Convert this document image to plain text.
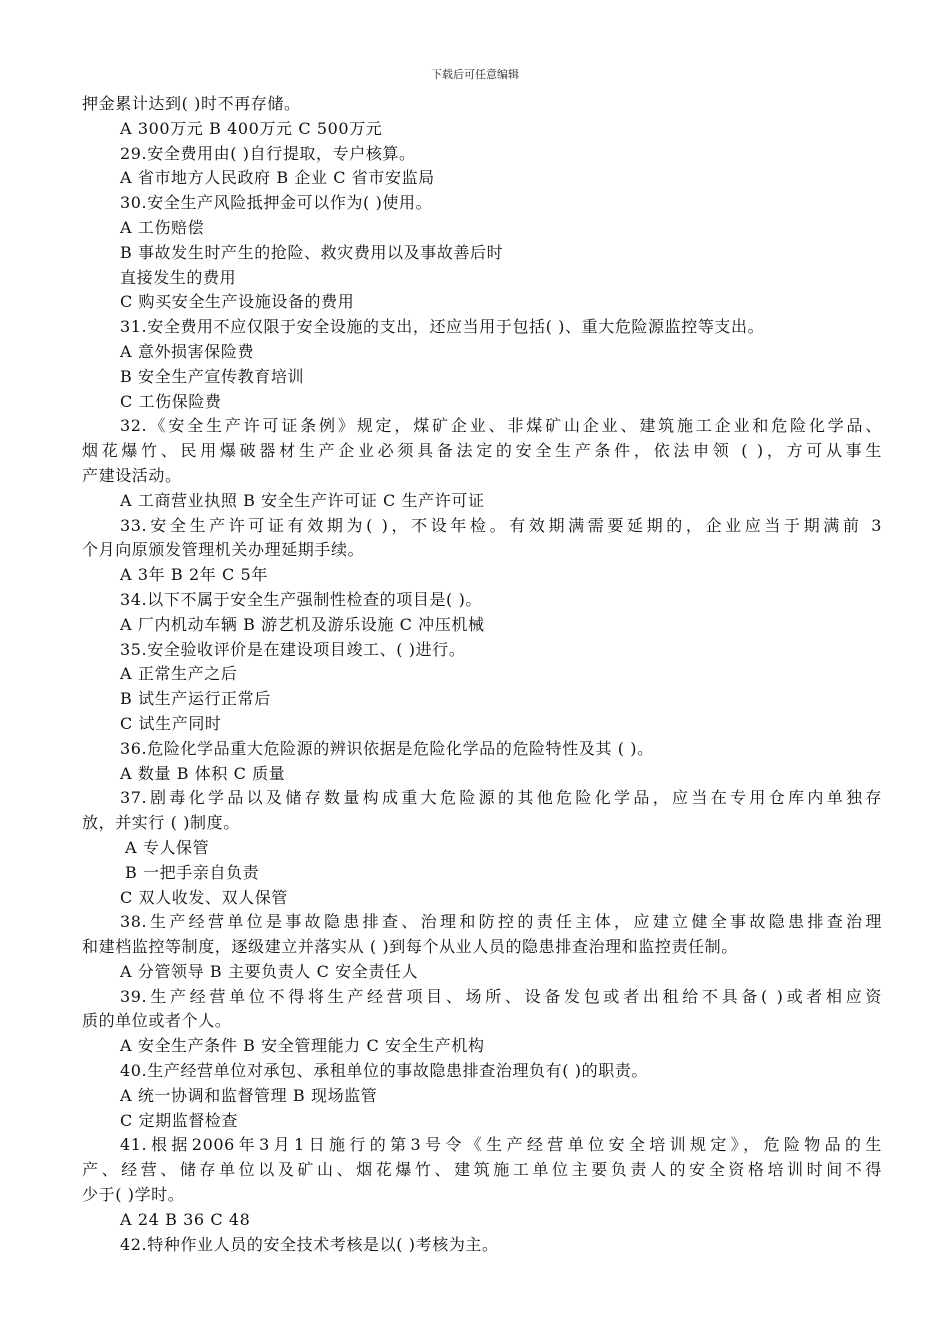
下载后可任意编辑
押金累计达到( )时不再存储。
A 300万元 B 400万元 C 500万元
29.安全费用由( )自行提取，专户核算。
A 省市地方人民政府 B 企业 C 省市安监局
30.安全生产风险抵押金可以作为( )使用。
A 工伤赔偿
B 事故发生时产生的抢险、救灾费用以及事故善后时
直接发生的费用
C 购买安全生产设施设备的费用
31.安全费用不应仅限于安全设施的支出，还应当用于包括( )、重大危险源监控等支出。
A 意外损害保险费
B 安全生产宣传教育培训
C 工伤保险费
32.《安全生产许可证条例》规定，煤矿企业、非煤矿山企业、建筑施工企业和危险化学品、
烟花爆竹、民用爆破器材生产企业必须具备法定的安全生产条件，依法申领 ( )，方可从事生
产建设活动。
A 工商营业执照 B 安全生产许可证 C 生产许可证
33.安全生产许可证有效期为( )，不设年检。有效期满需要延期的，企业应当于期满前 3
个月向原颁发管理机关办理延期手续。
A 3年 B 2年 C 5年
34.以下不属于安全生产强制性检查的项目是( )。
A 厂内机动车辆 B 游艺机及游乐设施 C 冲压机械
35.安全验收评价是在建设项目竣工、( )进行。
A 正常生产之后
B 试生产运行正常后
C 试生产同时
36.危险化学品重大危险源的辨识依据是危险化学品的危险特性及其 ( )。
A 数量 B 体积 C 质量
37.剧毒化学品以及储存数量构成重大危险源的其他危险化学品，应当在专用仓库内单独存
放，并实行 ( )制度。
A 专人保管
B 一把手亲自负责
C 双人收发、双人保管
38.生产经营单位是事故隐患排查、治理和防控的责任主体，应建立健全事故隐患排查治理
和建档监控等制度，逐级建立并落实从 ( )到每个从业人员的隐患排查治理和监控责任制。
A 分管领导 B 主要负责人 C 安全责任人
39.生产经营单位不得将生产经营项目、场所、设备发包或者出租给不具备( )或者相应资
质的单位或者个人。
A 安全生产条件 B 安全管理能力 C 安全生产机构
40.生产经营单位对承包、承租单位的事故隐患排查治理负有( )的职责。
A 统一协调和监督管理 B 现场监管
C 定期监督检查
41.根据2006年3月1日施行的第3号令《生产经营单位安全培训规定》，危险物品的生
产、经营、储存单位以及矿山、烟花爆竹、建筑施工单位主要负责人的安全资格培训时间不得
少于( )学时。
A 24 B 36 C 48
42.特种作业人员的安全技术考核是以( )考核为主。
